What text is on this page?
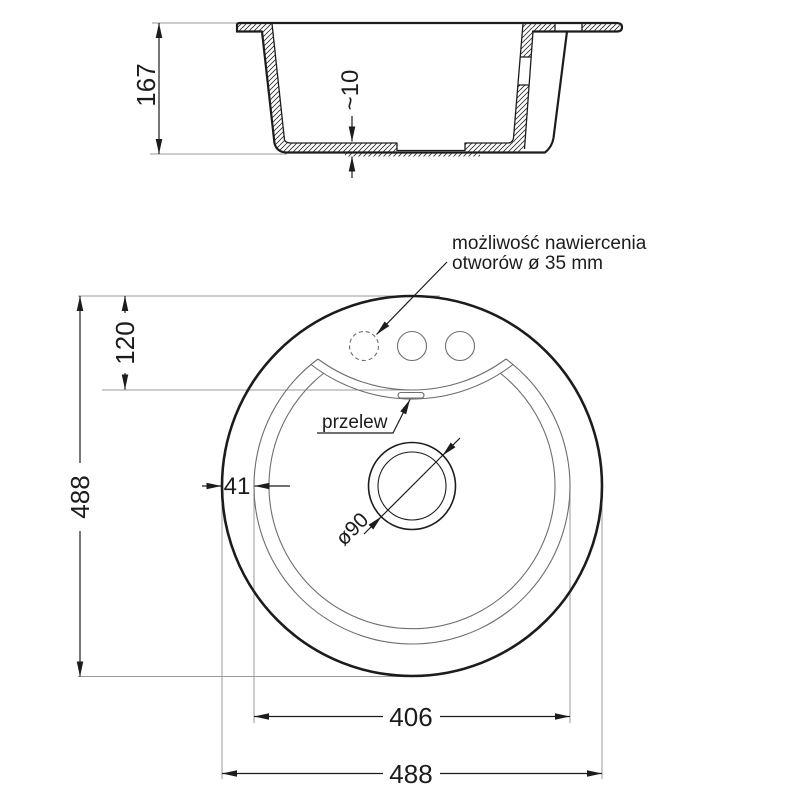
167	~10
488
120
41
406
488
ø90
przelew
możliwość nawiercenia
otworów ø 35 mm
